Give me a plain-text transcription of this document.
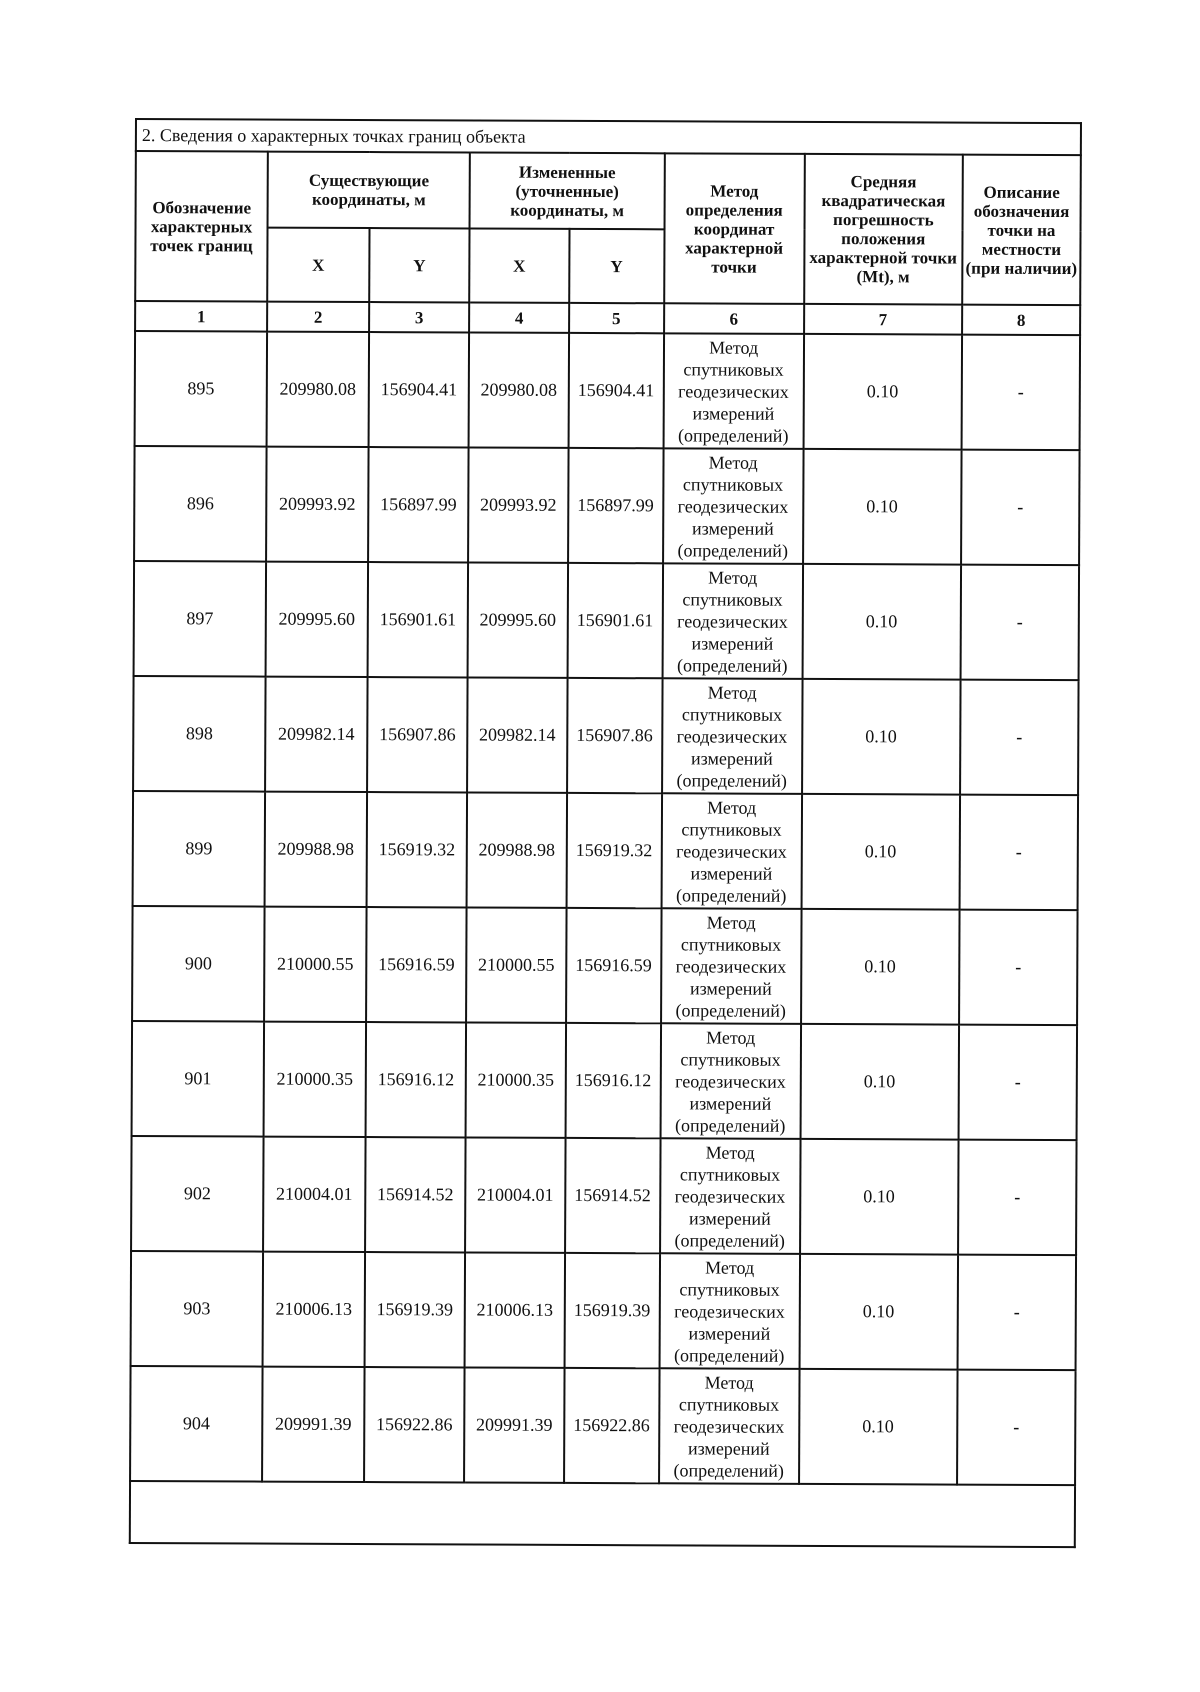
2. Сведения о характерных точках границ объекта
Обозначение характерных точек границ	Существующие координаты, м		Измененные (уточненные) координаты, м		Метод определения координат характерной точки	Средняя квадратическая погрешность положения характерной точки (Mt), м	Описание обозначения точки на местности (при наличии)
	X	Y	X	Y			
1	2	3	4	5	6	7	8
895	209980.08	156904.41	209980.08	156904.41	Метод спутниковых геодезических измерений (определений)	0.10	-
896	209993.92	156897.99	209993.92	156897.99	Метод спутниковых геодезических измерений (определений)	0.10	-
897	209995.60	156901.61	209995.60	156901.61	Метод спутниковых геодезических измерений (определений)	0.10	-
898	209982.14	156907.86	209982.14	156907.86	Метод спутниковых геодезических измерений (определений)	0.10	-
899	209988.98	156919.32	209988.98	156919.32	Метод спутниковых геодезических измерений (определений)	0.10	-
900	210000.55	156916.59	210000.55	156916.59	Метод спутниковых геодезических измерений (определений)	0.10	-
901	210000.35	156916.12	210000.35	156916.12	Метод спутниковых геодезических измерений (определений)	0.10	-
902	210004.01	156914.52	210004.01	156914.52	Метод спутниковых геодезических измерений (определений)	0.10	-
903	210006.13	156919.39	210006.13	156919.39	Метод спутниковых геодезических измерений (определений)	0.10	-
904	209991.39	156922.86	209991.39	156922.86	Метод спутниковых геодезических измерений (определений)	0.10	-
